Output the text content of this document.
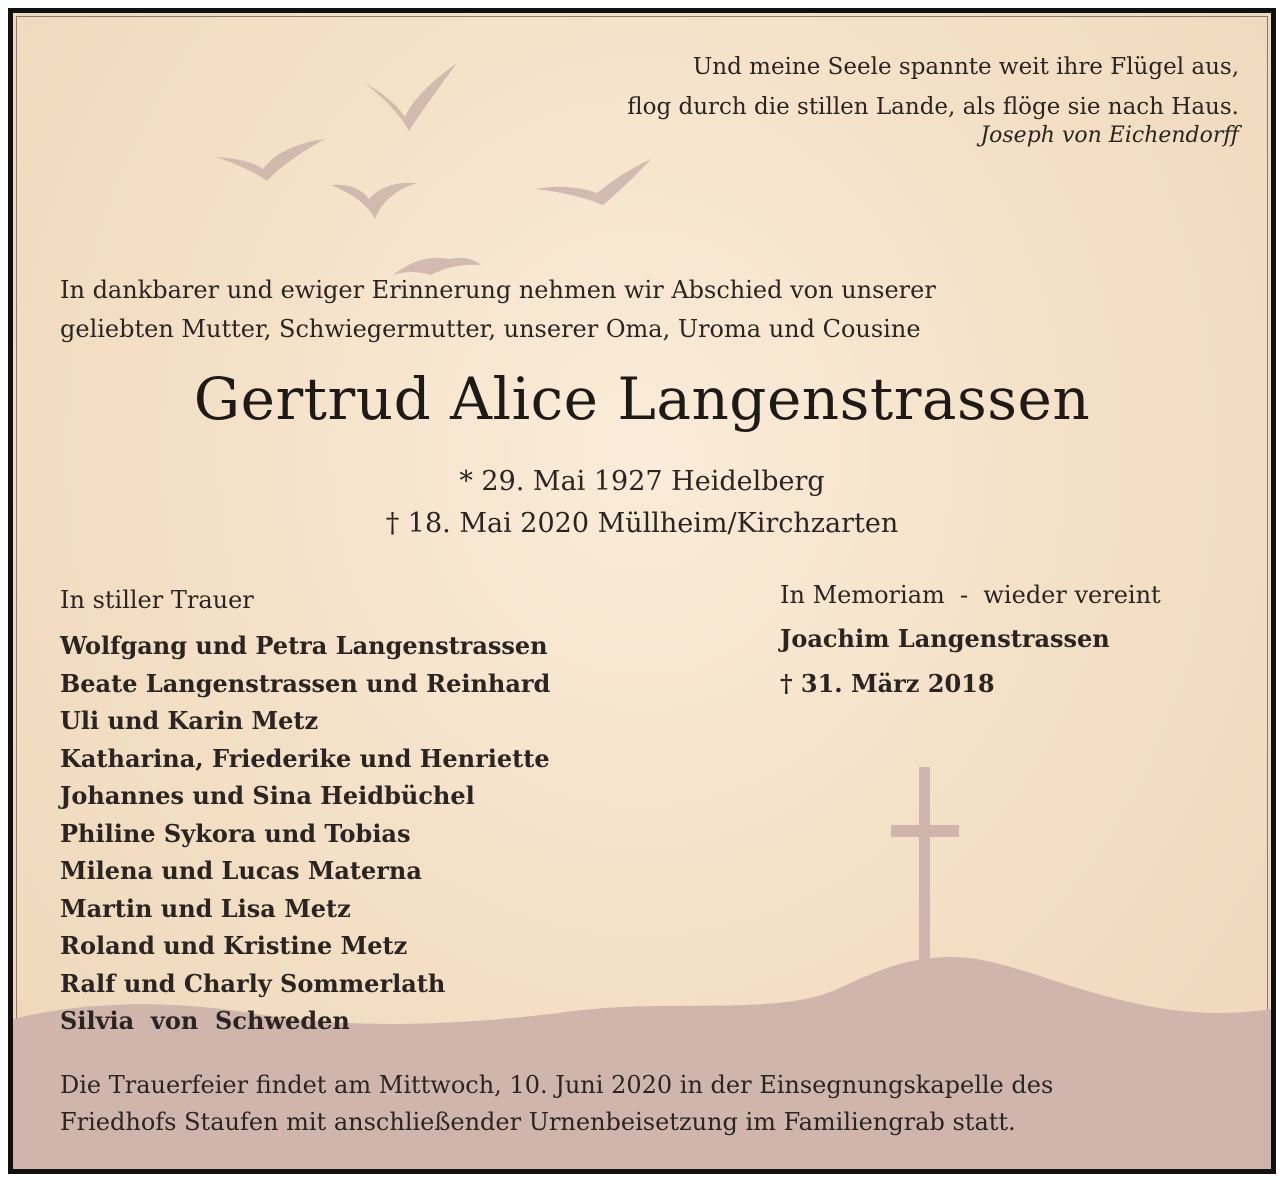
Und meine Seele spannte weit ihre Flügel aus,
flog durch die stillen Lande, als flöge sie nach Haus.
Joseph von Eichendorff
In dankbarer und ewiger Erinnerung nehmen wir Abschied von unserer
geliebten Mutter, Schwiegermutter, unserer Oma, Uroma und Cousine
Gertrud Alice Langenstrassen
* 29. Mai 1927 Heidelberg
† 18. Mai 2020 Müllheim/Kirchzarten
In stiller Trauer
Wolfgang und Petra Langenstrassen
Beate Langenstrassen und Reinhard
Uli und Karin Metz
Katharina, Friederike und Henriette
Johannes und Sina Heidbüchel
Philine Sykora und Tobias
Milena und Lucas Materna
Martin und Lisa Metz
Roland und Kristine Metz
Ralf und Charly Sommerlath
Silvia  von  Schweden
In Memoriam  -  wieder vereint
Joachim Langenstrassen
† 31. März 2018
Die Trauerfeier findet am Mittwoch, 10. Juni 2020 in der Einsegnungskapelle des
Friedhofs Staufen mit anschließender Urnenbeisetzung im Familiengrab statt.
